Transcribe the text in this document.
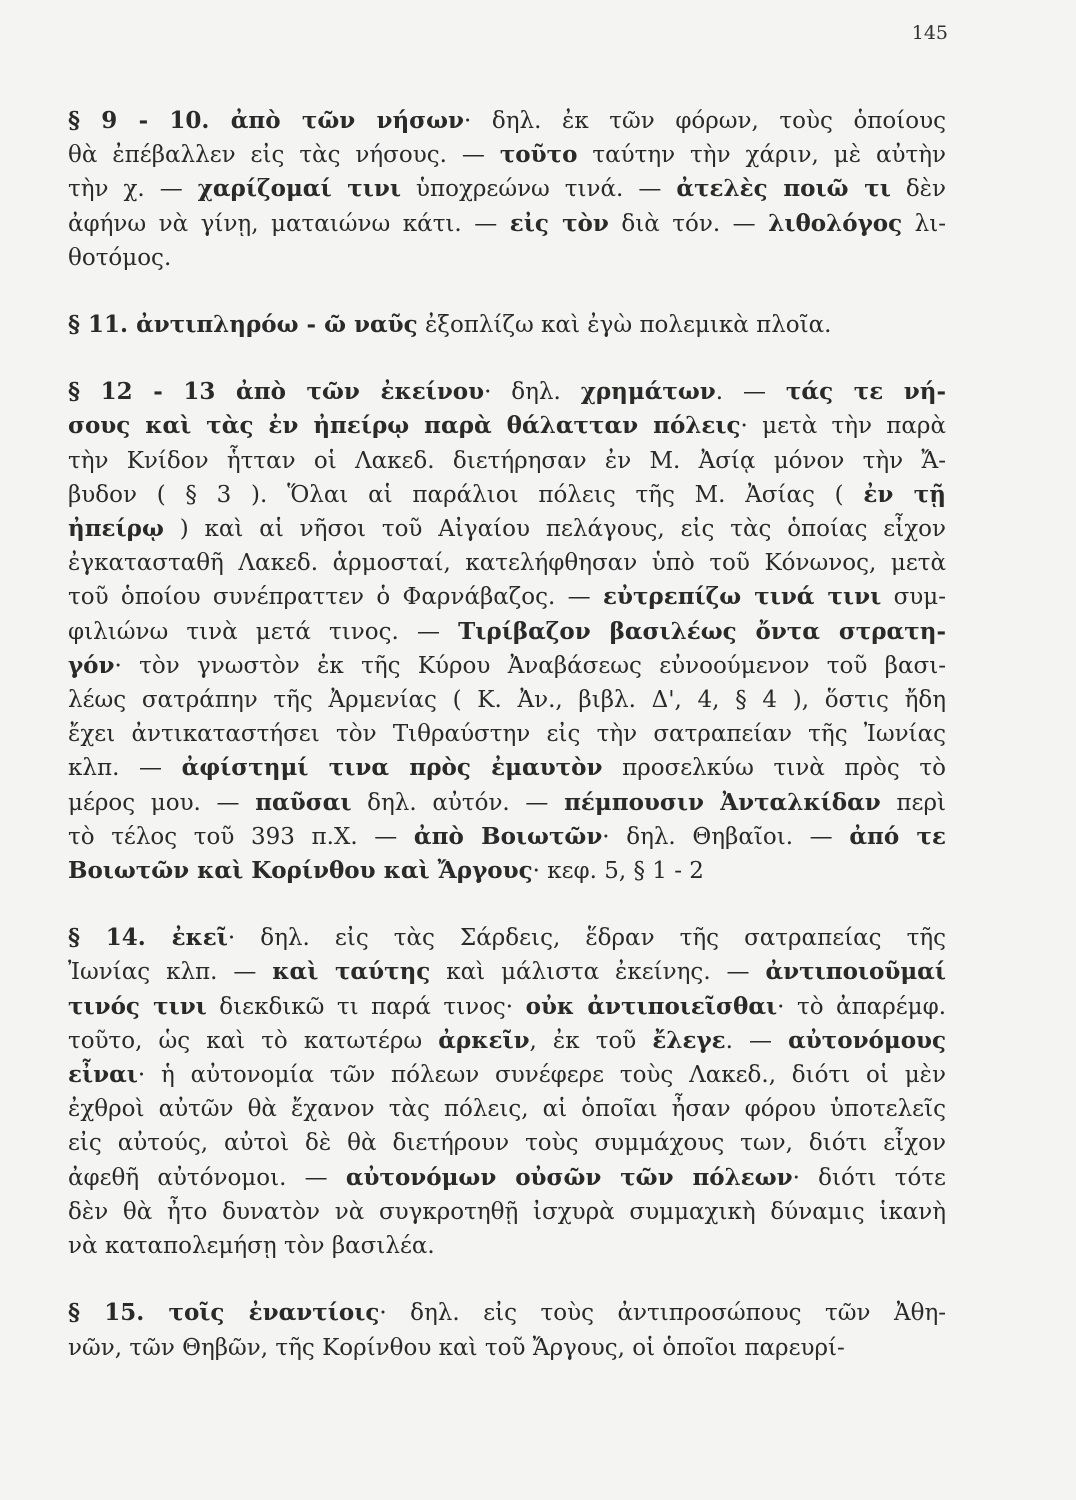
145
§ 9 - 10. ἀπὸ τῶν νήσων· δηλ. ἐκ τῶν φόρων, τοὺς ὁποίους
θὰ ἐπέβαλλεν εἰς τὰς νήσους. — τοῦτο ταύτην τὴν χάριν, μὲ αὐτὴν
τὴν χ. — χαρίζομαί τινι ὑποχρεώνω τινά. — ἀτελὲς ποιῶ τι δὲν
ἀφήνω νὰ γίνῃ, ματαιώνω κάτι. — εἰς τὸν διὰ τόν. — λιθολόγος λι-
θοτόμος.
§ 11. ἀντιπληρόω - ῶ ναῦς ἐξοπλίζω καὶ ἐγὼ πολεμικὰ πλοῖα.
§ 12 - 13 ἀπὸ τῶν ἐκείνου· δηλ. χρημάτων. — τάς τε νή-
σους καὶ τὰς ἐν ἠπείρῳ παρὰ θάλατταν πόλεις· μετὰ τὴν παρὰ
τὴν Κνίδον ἧτταν οἱ Λακεδ. διετήρησαν ἐν Μ. Ἀσίᾳ μόνον τὴν Ἄ-
βυδον ( § 3 ). Ὅλαι αἱ παράλιοι πόλεις τῆς Μ. Ἀσίας ( ἐν τῇ
ἠπείρῳ ) καὶ αἱ νῆσοι τοῦ Αἰγαίου πελάγους, εἰς τὰς ὁποίας εἶχον
ἐγκατασταθῆ Λακεδ. ἁρμοσταί, κατελήφθησαν ὑπὸ τοῦ Κόνωνος, μετὰ
τοῦ ὁποίου συνέπραττεν ὁ Φαρνάβαζος. — εὐτρεπίζω τινά τινι συμ-
φιλιώνω τινὰ μετά τινος. — Τιρίβαζον βασιλέως ὄντα στρατη-
γόν· τὸν γνωστὸν ἐκ τῆς Κύρου Ἀναβάσεως εὐνοούμενον τοῦ βασι-
λέως σατράπην τῆς Ἀρμενίας ( Κ. Ἀν., βιβλ. Δ', 4, § 4 ), ὅστις ἤδη
ἔχει ἀντικαταστήσει τὸν Τιθραύστην εἰς τὴν σατραπείαν τῆς Ἰωνίας
κλπ. — ἀφίστημί τινα πρὸς ἐμαυτὸν προσελκύω τινὰ πρὸς τὸ
μέρος μου. — παῦσαι δηλ. αὐτόν. — πέμπουσιν Ἀνταλκίδαν περὶ
τὸ τέλος τοῦ 393 π.Χ. — ἀπὸ Βοιωτῶν· δηλ. Θηβαῖοι. — ἀπό τε
Βοιωτῶν καὶ Κορίνθου καὶ Ἄργους· κεφ. 5, § 1 - 2
§ 14. ἐκεῖ· δηλ. εἰς τὰς Σάρδεις, ἕδραν τῆς σατραπείας τῆς
Ἰωνίας κλπ. — καὶ ταύτης καὶ μάλιστα ἐκείνης. — ἀντιποιοῦμαί
τινός τινι διεκδικῶ τι παρά τινος· οὐκ ἀντιποιεῖσθαι· τὸ ἀπαρέμφ.
τοῦτο, ὡς καὶ τὸ κατωτέρω ἀρκεῖν, ἐκ τοῦ ἔλεγε. — αὐτονόμους
εἶναι· ἡ αὐτονομία τῶν πόλεων συνέφερε τοὺς Λακεδ., διότι οἱ μὲν
ἐχθροὶ αὐτῶν θὰ ἔχανον τὰς πόλεις, αἱ ὁποῖαι ἦσαν φόρου ὑποτελεῖς
εἰς αὐτούς, αὐτοὶ δὲ θὰ διετήρουν τοὺς συμμάχους των, διότι εἶχον
ἀφεθῆ αὐτόνομοι. — αὐτονόμων οὐσῶν τῶν πόλεων· διότι τότε
δὲν θὰ ἦτο δυνατὸν νὰ συγκροτηθῇ ἰσχυρὰ συμμαχικὴ δύναμις ἱκανὴ
νὰ καταπολεμήσῃ τὸν βασιλέα.
§ 15. τοῖς ἐναντίοις· δηλ. εἰς τοὺς ἀντιπροσώπους τῶν Ἀθη-
νῶν, τῶν Θηβῶν, τῆς Κορίνθου καὶ τοῦ Ἄργους, οἱ ὁποῖοι παρευρί-
